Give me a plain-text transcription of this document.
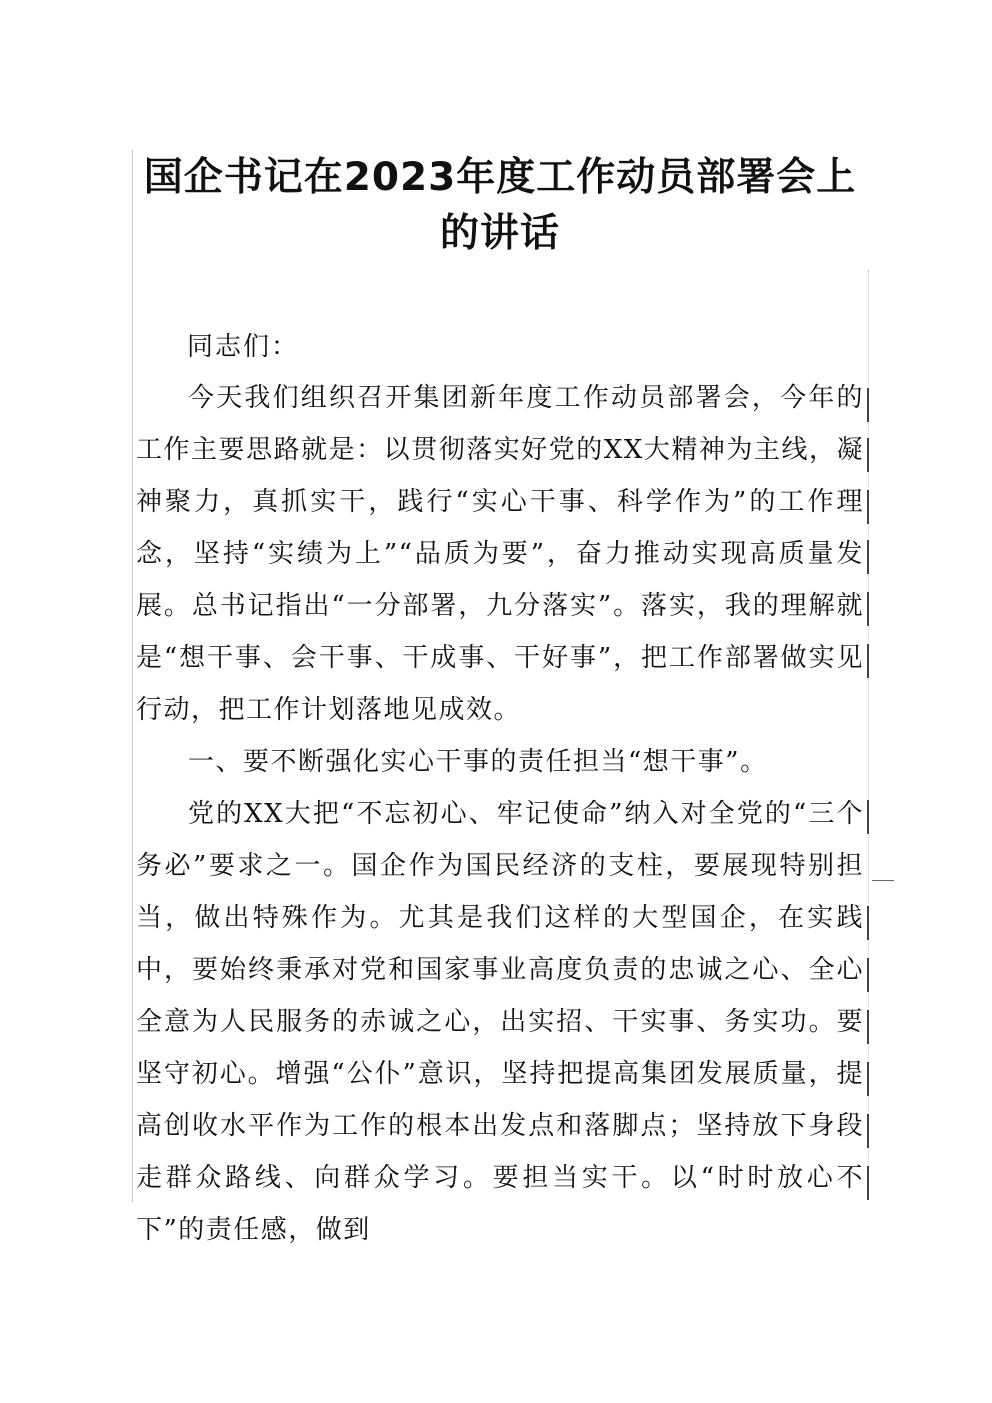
国企书记在2023年度工作动员部署会上的讲话
同志们：
今天我们组织召开集团新年度工作动员部署会，今年的工作主要思路就是：以贯彻落实好党的XX大精神为主线，凝神聚力，真抓实干，践行“实心干事、科学作为”的工作理念，坚持“实绩为上”“品质为要”，奋力推动实现高质量发展。总书记指出“一分部署，九分落实”。落实，我的理解就是“想干事、会干事、干成事、干好事”，把工作部署做实见行动，把工作计划落地见成效。
一、要不断强化实心干事的责任担当“想干事”。
党的XX大把“不忘初心、牢记使命”纳入对全党的“三个务必”要求之一。国企作为国民经济的支柱，要展现特别担当，做出特殊作为。尤其是我们这样的大型国企，在实践中，要始终秉承对党和国家事业高度负责的忠诚之心、全心全意为人民服务的赤诚之心，出实招、干实事、务实功。要坚守初心。增强“公仆”意识，坚持把提高集团发展质量，提高创收水平作为工作的根本出发点和落脚点；坚持放下身段走群众路线、向群众学习。要担当实干。以“时时放心不下”的责任感，做到
